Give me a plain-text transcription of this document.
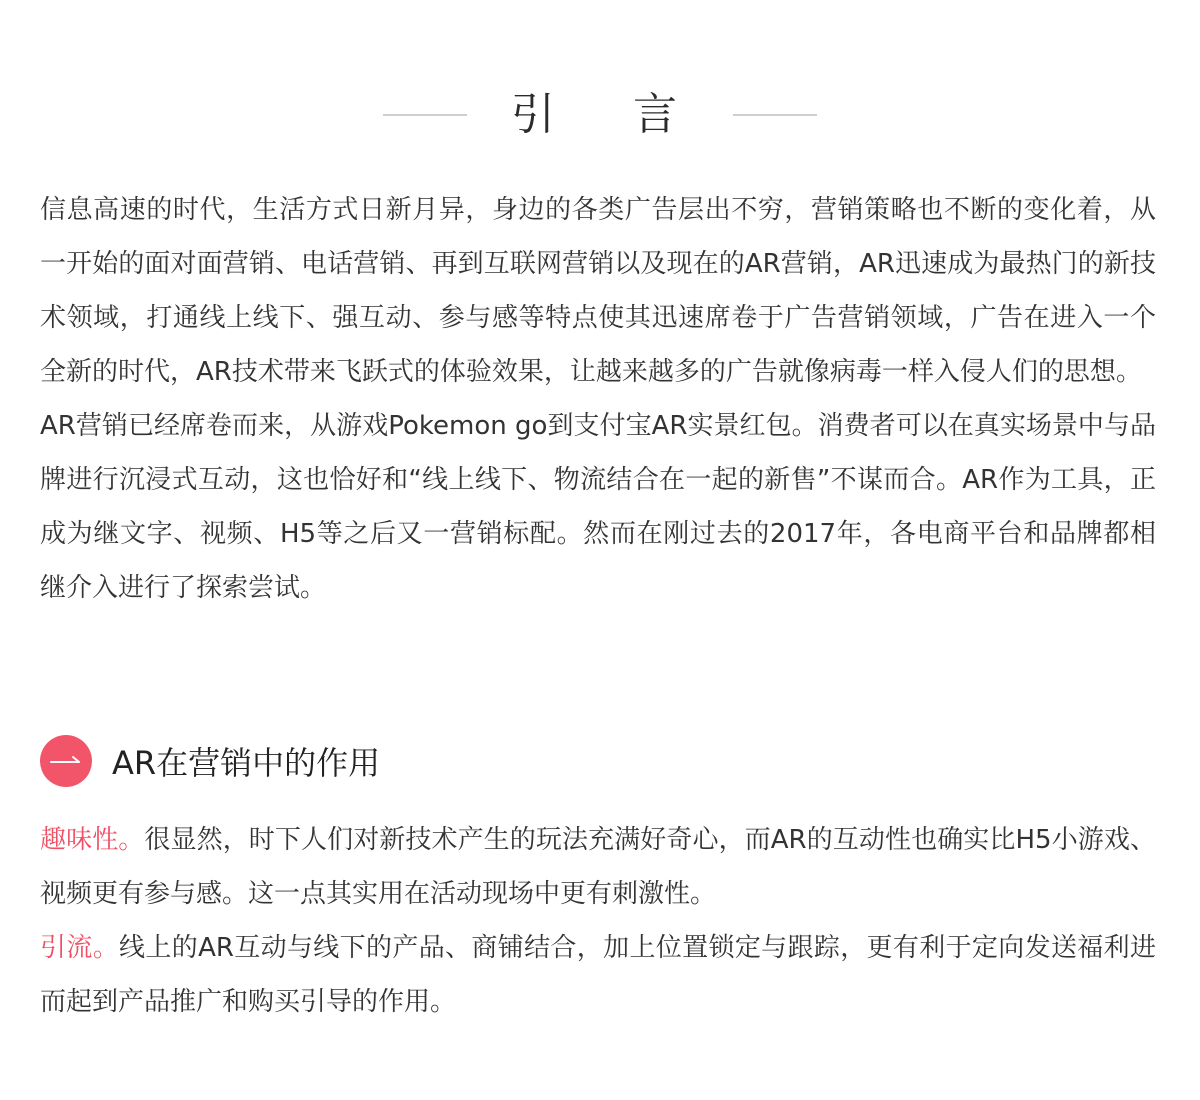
引 言

信息高速的时代，生活方式日新月异，身边的各类广告层出不穷，营销策略也不断的变化着，从一开始的面对面营销、电话营销、再到互联网营销以及现在的AR营销，AR迅速成为最热门的新技术领域，打通线上线下、强互动、参与感等特点使其迅速席卷于广告营销领域，广告在进入一个全新的时代，AR技术带来飞跃式的体验效果，让越来越多的广告就像病毒一样入侵人们的思想。

AR营销已经席卷而来，从游戏Pokemon go到支付宝AR实景红包。消费者可以在真实场景中与品牌进行沉浸式互动，这也恰好和“线上线下、物流结合在一起的新售”不谋而合。AR作为工具，正成为继文字、视频、H5等之后又一营销标配。然而在刚过去的2017年，各电商平台和品牌都相继介入进行了探索尝试。

AR在营销中的作用

趣味性。很显然，时下人们对新技术产生的玩法充满好奇心，而AR的互动性也确实比H5小游戏、视频更有参与感。这一点其实用在活动现场中更有刺激性。

引流。线上的AR互动与线下的产品、商铺结合，加上位置锁定与跟踪，更有利于定向发送福利进而起到产品推广和购买引导的作用。
